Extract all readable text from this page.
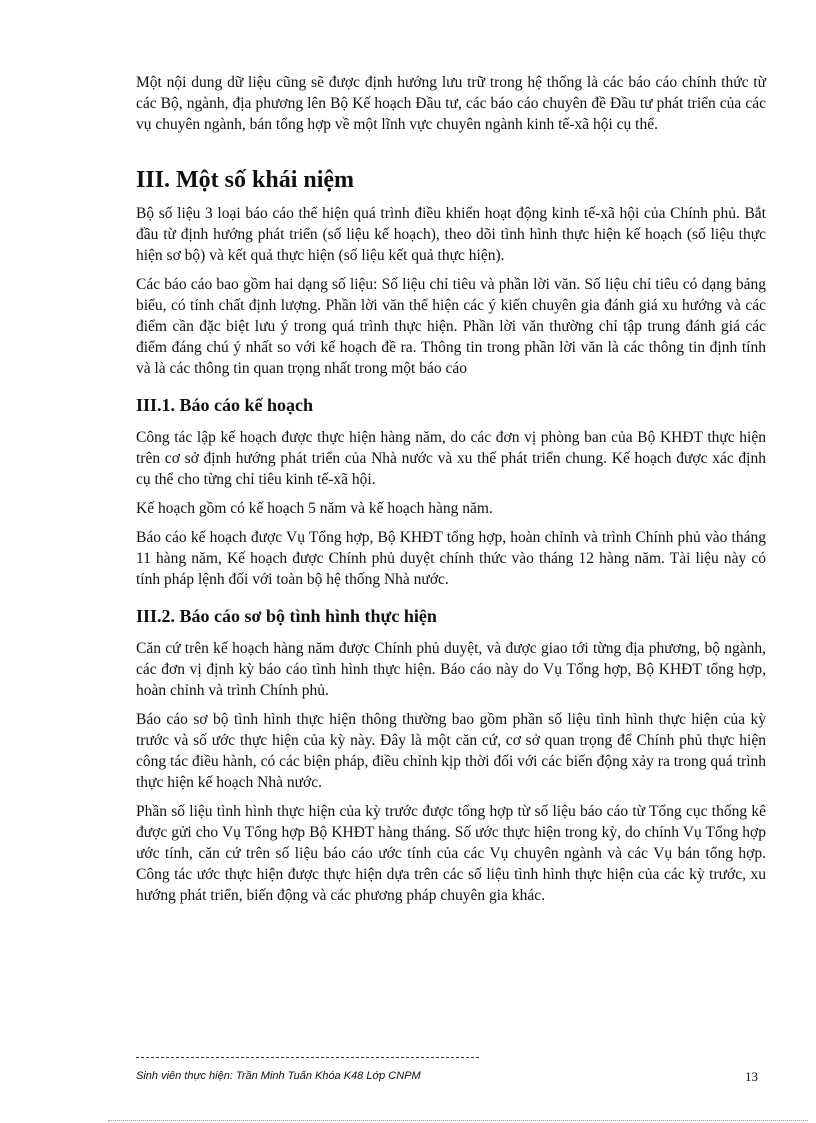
Một nội dung dữ liệu cũng sẽ được định hướng lưu trữ trong hệ thống là các báo cáo chính thức từ các Bộ, ngành, địa phương lên Bộ Kế hoạch Đầu tư, các báo cáo chuyên đề Đầu tư phát triển của các vụ chuyên ngành, bán tổng hợp về một lĩnh vực chuyên ngành kinh tế-xã hội cụ thể.

III. Một số khái niệm

Bộ số liệu 3 loại báo cáo thể hiện quá trình điều khiển hoạt động kinh tế-xã hội của Chính phủ. Bắt đầu từ định hướng phát triển (số liệu kế hoạch), theo dõi tình hình thực hiện kế hoạch (số liệu thực hiện sơ bộ) và kết quả thực hiện (số liệu kết quả thực hiện).

Các báo cáo bao gồm hai dạng số liệu: Số liệu chỉ tiêu và phần lời văn. Số liệu chỉ tiêu có dạng bảng biểu, có tính chất định lượng. Phần lời văn thể hiện các ý kiến chuyên gia đánh giá xu hướng và các điểm cần đặc biệt lưu ý trong quá trình thực hiện. Phần lời văn thường chỉ tập trung đánh giá các điểm đáng chú ý nhất so với kế hoạch đề ra. Thông tin trong phần lời văn là các thông tin định tính và là các thông tin quan trọng nhất trong một báo cáo

III.1. Báo cáo kế hoạch

Công tác lập kế hoạch được thực hiện hàng năm, do các đơn vị phòng ban của Bộ KHĐT thực hiện trên cơ sở định hướng phát triển của Nhà nước và xu thế phát triển chung. Kế hoạch được xác định cụ thể cho từng chỉ tiêu kinh tế-xã hội.

Kế hoạch gồm có kế hoạch 5 năm và kế hoạch hàng năm.

Báo cáo kế hoạch được Vụ Tổng hợp, Bộ KHĐT tổng hợp, hoàn chỉnh và trình Chính phủ vào tháng 11 hàng năm, Kế hoạch được Chính phủ duyệt chính thức vào tháng 12 hàng năm. Tài liệu này có tính pháp lệnh đối với toàn bộ hệ thống Nhà nước.

III.2. Báo cáo sơ bộ tình hình thực hiện

Căn cứ trên kế hoạch hàng năm được Chính phủ duyệt, và được giao tới từng địa phương, bộ ngành, các đơn vị định kỳ báo cáo tình hình thực hiện. Báo cáo này do Vụ Tổng hợp, Bộ KHĐT tổng hợp, hoàn chỉnh và trình Chính phủ.

Báo cáo sơ bộ tình hình thực hiện thông thường bao gồm phần số liệu tình hình thực hiện của kỳ trước và số ước thực hiện của kỳ này. Đây là một căn cứ, cơ sở quan trọng để Chính phủ thực hiện công tác điều hành, có các biện pháp, điều chỉnh kịp thời đối với các biến động xảy ra trong quá trình thực hiện kế hoạch Nhà nước.

Phần số liệu tình hình thực hiện của kỳ trước được tổng hợp từ số liệu báo cáo từ Tổng cục thống kê được gửi cho Vụ Tổng hợp Bộ KHĐT hàng tháng. Số ước thực hiện trong kỳ, do chính Vụ Tổng hợp ước tính, căn cứ trên số liệu báo cáo ước tính của các Vụ chuyên ngành và các Vụ bán tổng hợp. Công tác ước thực hiện được thực hiện dựa trên các số liệu tình hình thực hiện của các kỳ trước, xu hướng phát triển, biến động và các phương pháp chuyên gia khác.

Sinh viên thực hiện: Trần Minh Tuấn Khóa K48 Lớp CNPM	13
